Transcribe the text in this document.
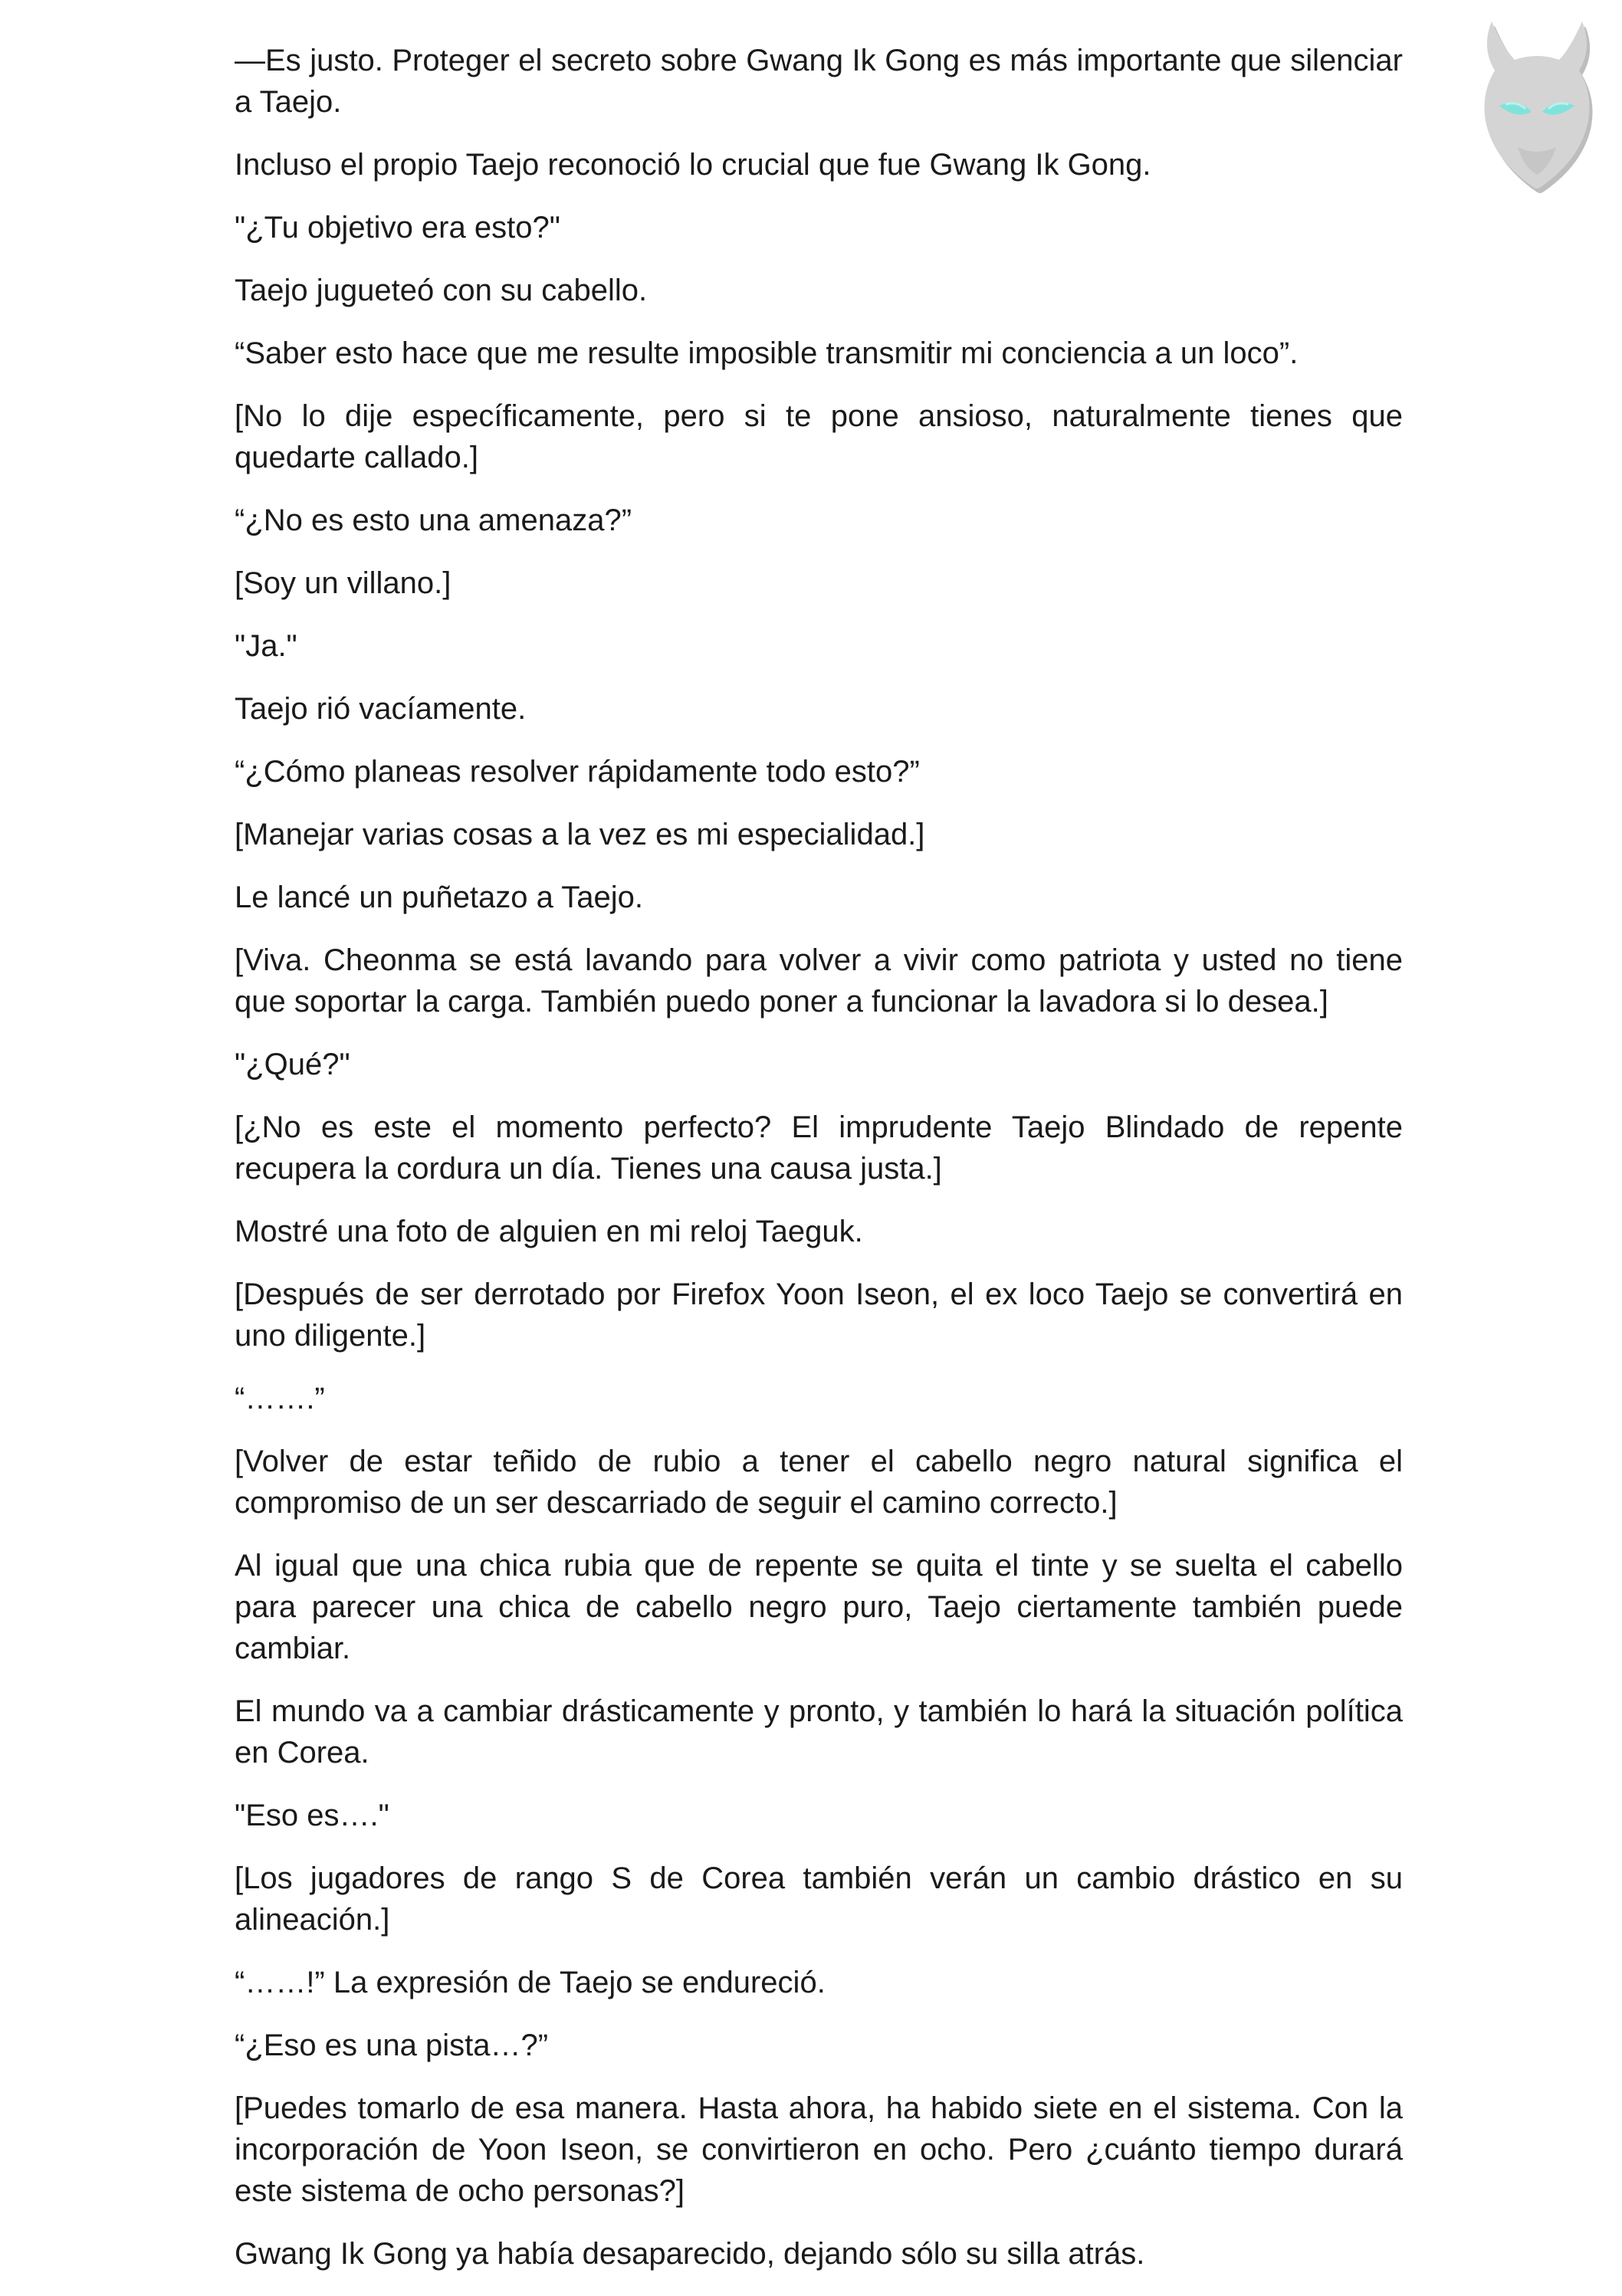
—Es justo. Proteger el secreto sobre Gwang Ik Gong es más importante que silenciar a Taejo.

Incluso el propio Taejo reconoció lo crucial que fue Gwang Ik Gong.

"¿Tu objetivo era esto?"

Taejo jugueteó con su cabello.

“Saber esto hace que me resulte imposible transmitir mi conciencia a un loco”.

[No lo dije específicamente, pero si te pone ansioso, naturalmente tienes que quedarte callado.]

“¿No es esto una amenaza?”

[Soy un villano.]

"Ja."

Taejo rió vacíamente.

“¿Cómo planeas resolver rápidamente todo esto?”

[Manejar varias cosas a la vez es mi especialidad.]

Le lancé un puñetazo a Taejo.

[Viva. Cheonma se está lavando para volver a vivir como patriota y usted no tiene que soportar la carga. También puedo poner a funcionar la lavadora si lo desea.]

"¿Qué?"

[¿No es este el momento perfecto? El imprudente Taejo Blindado de repente recupera la cordura un día. Tienes una causa justa.]

Mostré una foto de alguien en mi reloj Taeguk.

[Después de ser derrotado por Firefox Yoon Iseon, el ex loco Taejo se convertirá en uno diligente.]

“…….”

[Volver de estar teñido de rubio a tener el cabello negro natural significa el compromiso de un ser descarriado de seguir el camino correcto.]

Al igual que una chica rubia que de repente se quita el tinte y se suelta el cabello para parecer una chica de cabello negro puro, Taejo ciertamente también puede cambiar.

El mundo va a cambiar drásticamente y pronto, y también lo hará la situación política en Corea.

"Eso es…."

[Los jugadores de rango S de Corea también verán un cambio drástico en su alineación.]

“……!” La expresión de Taejo se endureció.

“¿Eso es una pista…?”

[Puedes tomarlo de esa manera. Hasta ahora, ha habido siete en el sistema. Con la incorporación de Yoon Iseon, se convirtieron en ocho. Pero ¿cuánto tiempo durará este sistema de ocho personas?]

Gwang Ik Gong ya había desaparecido, dejando sólo su silla atrás.
